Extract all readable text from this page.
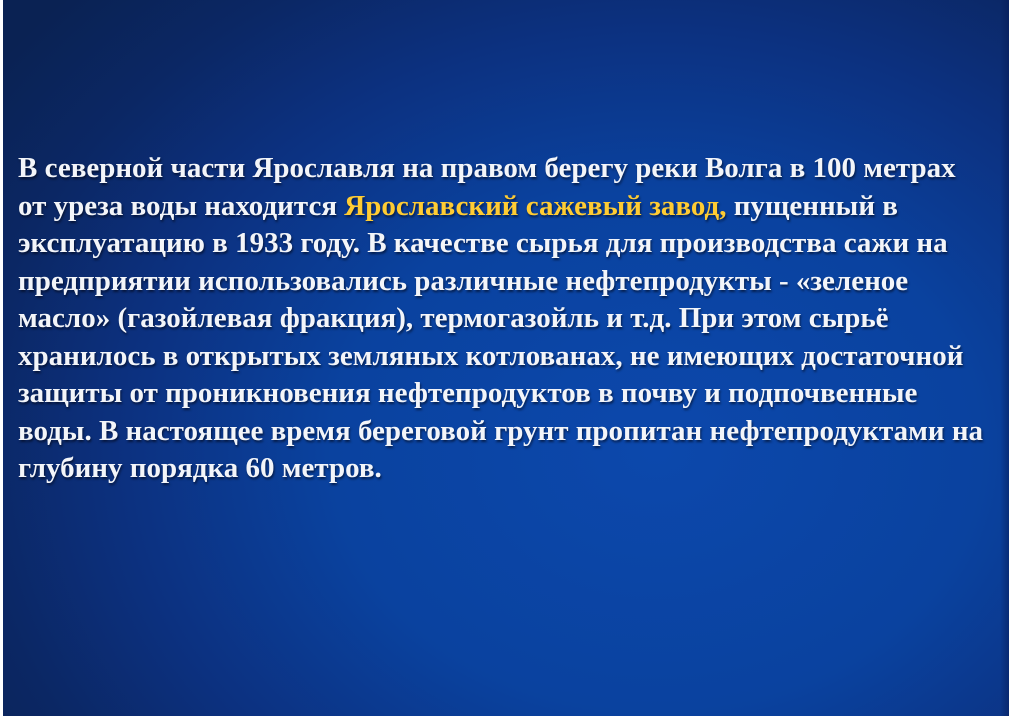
В северной части Ярославля на правом берегу реки Волга в 100 метрах от уреза воды находится Ярославский сажевый завод, пущенный в эксплуатацию в 1933 году. В качестве сырья для производства сажи на предприятии использовались различные нефтепродукты - «зеленое масло» (газойлевая фракция), термогазойль и т.д. При этом сырьё хранилось в открытых земляных котлованах, не имеющих достаточной защиты от проникновения нефтепродуктов в почву и подпочвенные воды. В настоящее время береговой грунт пропитан нефтепродуктами на глубину порядка 60 метров.
